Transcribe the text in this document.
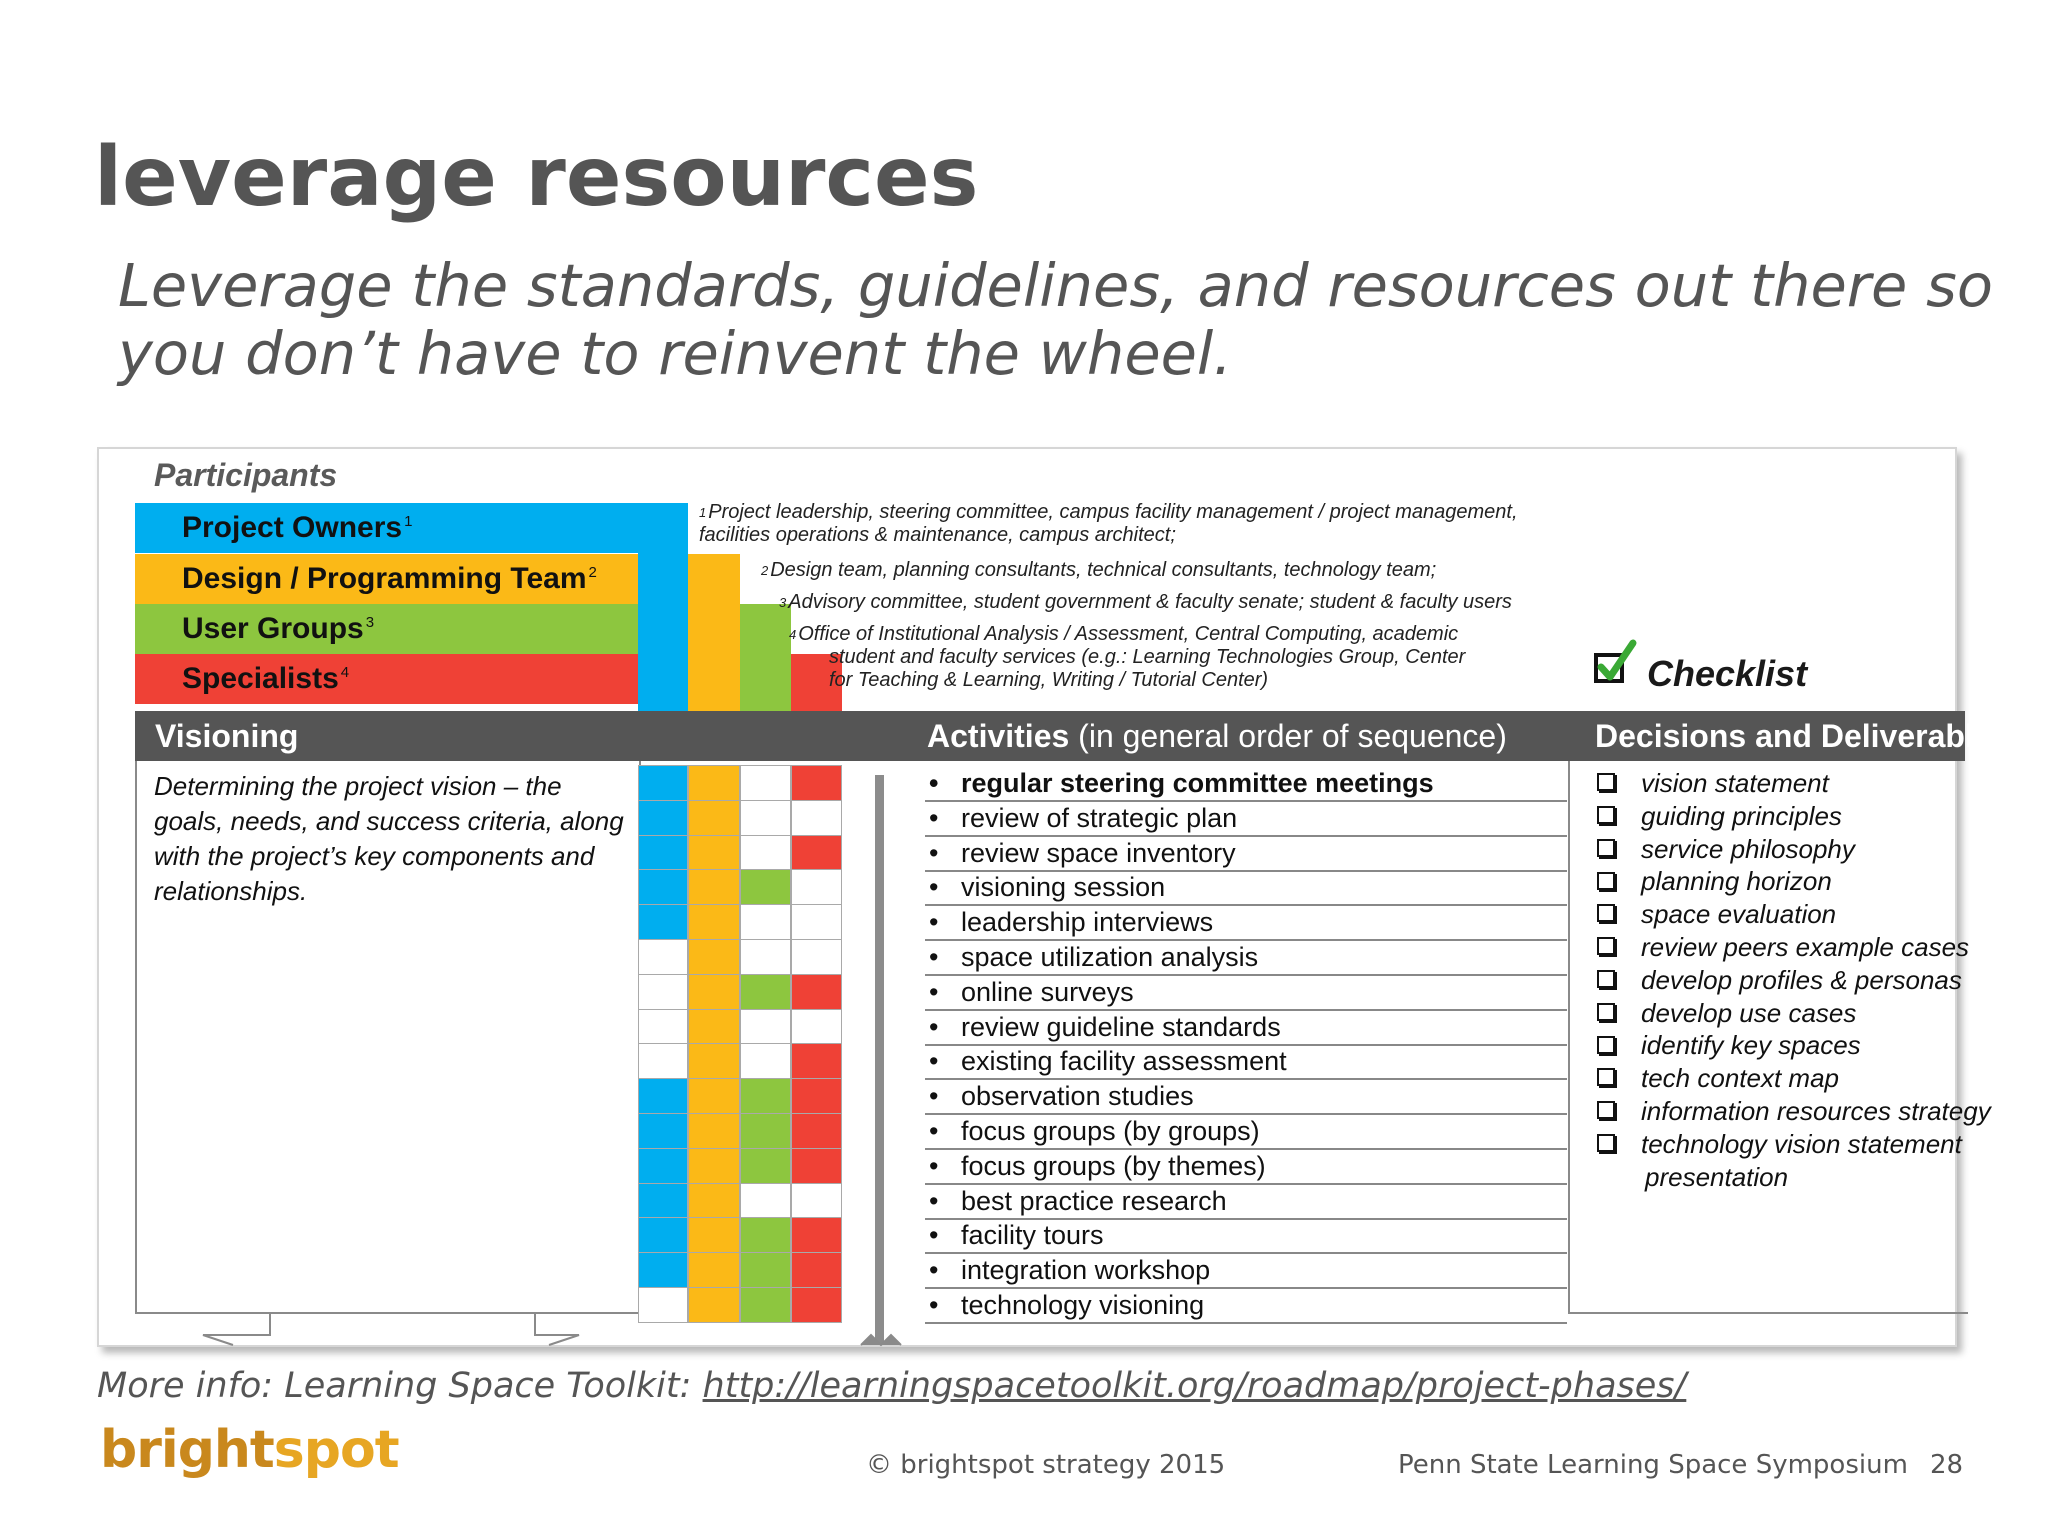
leverage resources
Leverage the standards, guidelines, and resources out there so you don’t have to reinvent the wheel.
Participants
Project Owners $^1$
Design / Programming Team $^2$
User Groups $^3$
Specialists $^4$
$^1$ Project leadership, steering committee, campus facility management / project management,
facilities operations & maintenance, campus architect;
$^2$ Design team, planning consultants, technical consultants, technology team;
$^3$ Advisory committee, student government & faculty senate; student & faculty users
$^4$ Office of Institutional Analysis / Assessment, Central Computing, academic
student and faculty services (e.g.: Learning Technologies Group, Center
for Teaching & Learning, Writing / Tutorial Center)	Checklist
Visioning	Activities (in general order of sequence)	Decisions and Deliverables
Determining the project vision – the goals, needs, and success criteria, along with the project’s key components and relationships.
• regular steering committee meetings
• review of strategic plan
• review space inventory
• visioning session
• leadership interviews
• space utilization analysis
• online surveys
• review guideline standards
• existing facility assessment
• observation studies
• focus groups (by groups)
• focus groups (by themes)
• best practice research
• facility tours
• integration workshop
• technology visioning
vision statement
guiding principles
service philosophy
planning horizon
space evaluation
review peers example cases
develop profiles & personas
develop use cases
identify key spaces
tech context map
information resources strategy
technology vision statement
presentation
More info: Learning Space Toolkit: http://learningspacetoolkit.org/roadmap/project-phases/
brightspot	© brightspot strategy 2015	Penn State Learning Space Symposium 28
